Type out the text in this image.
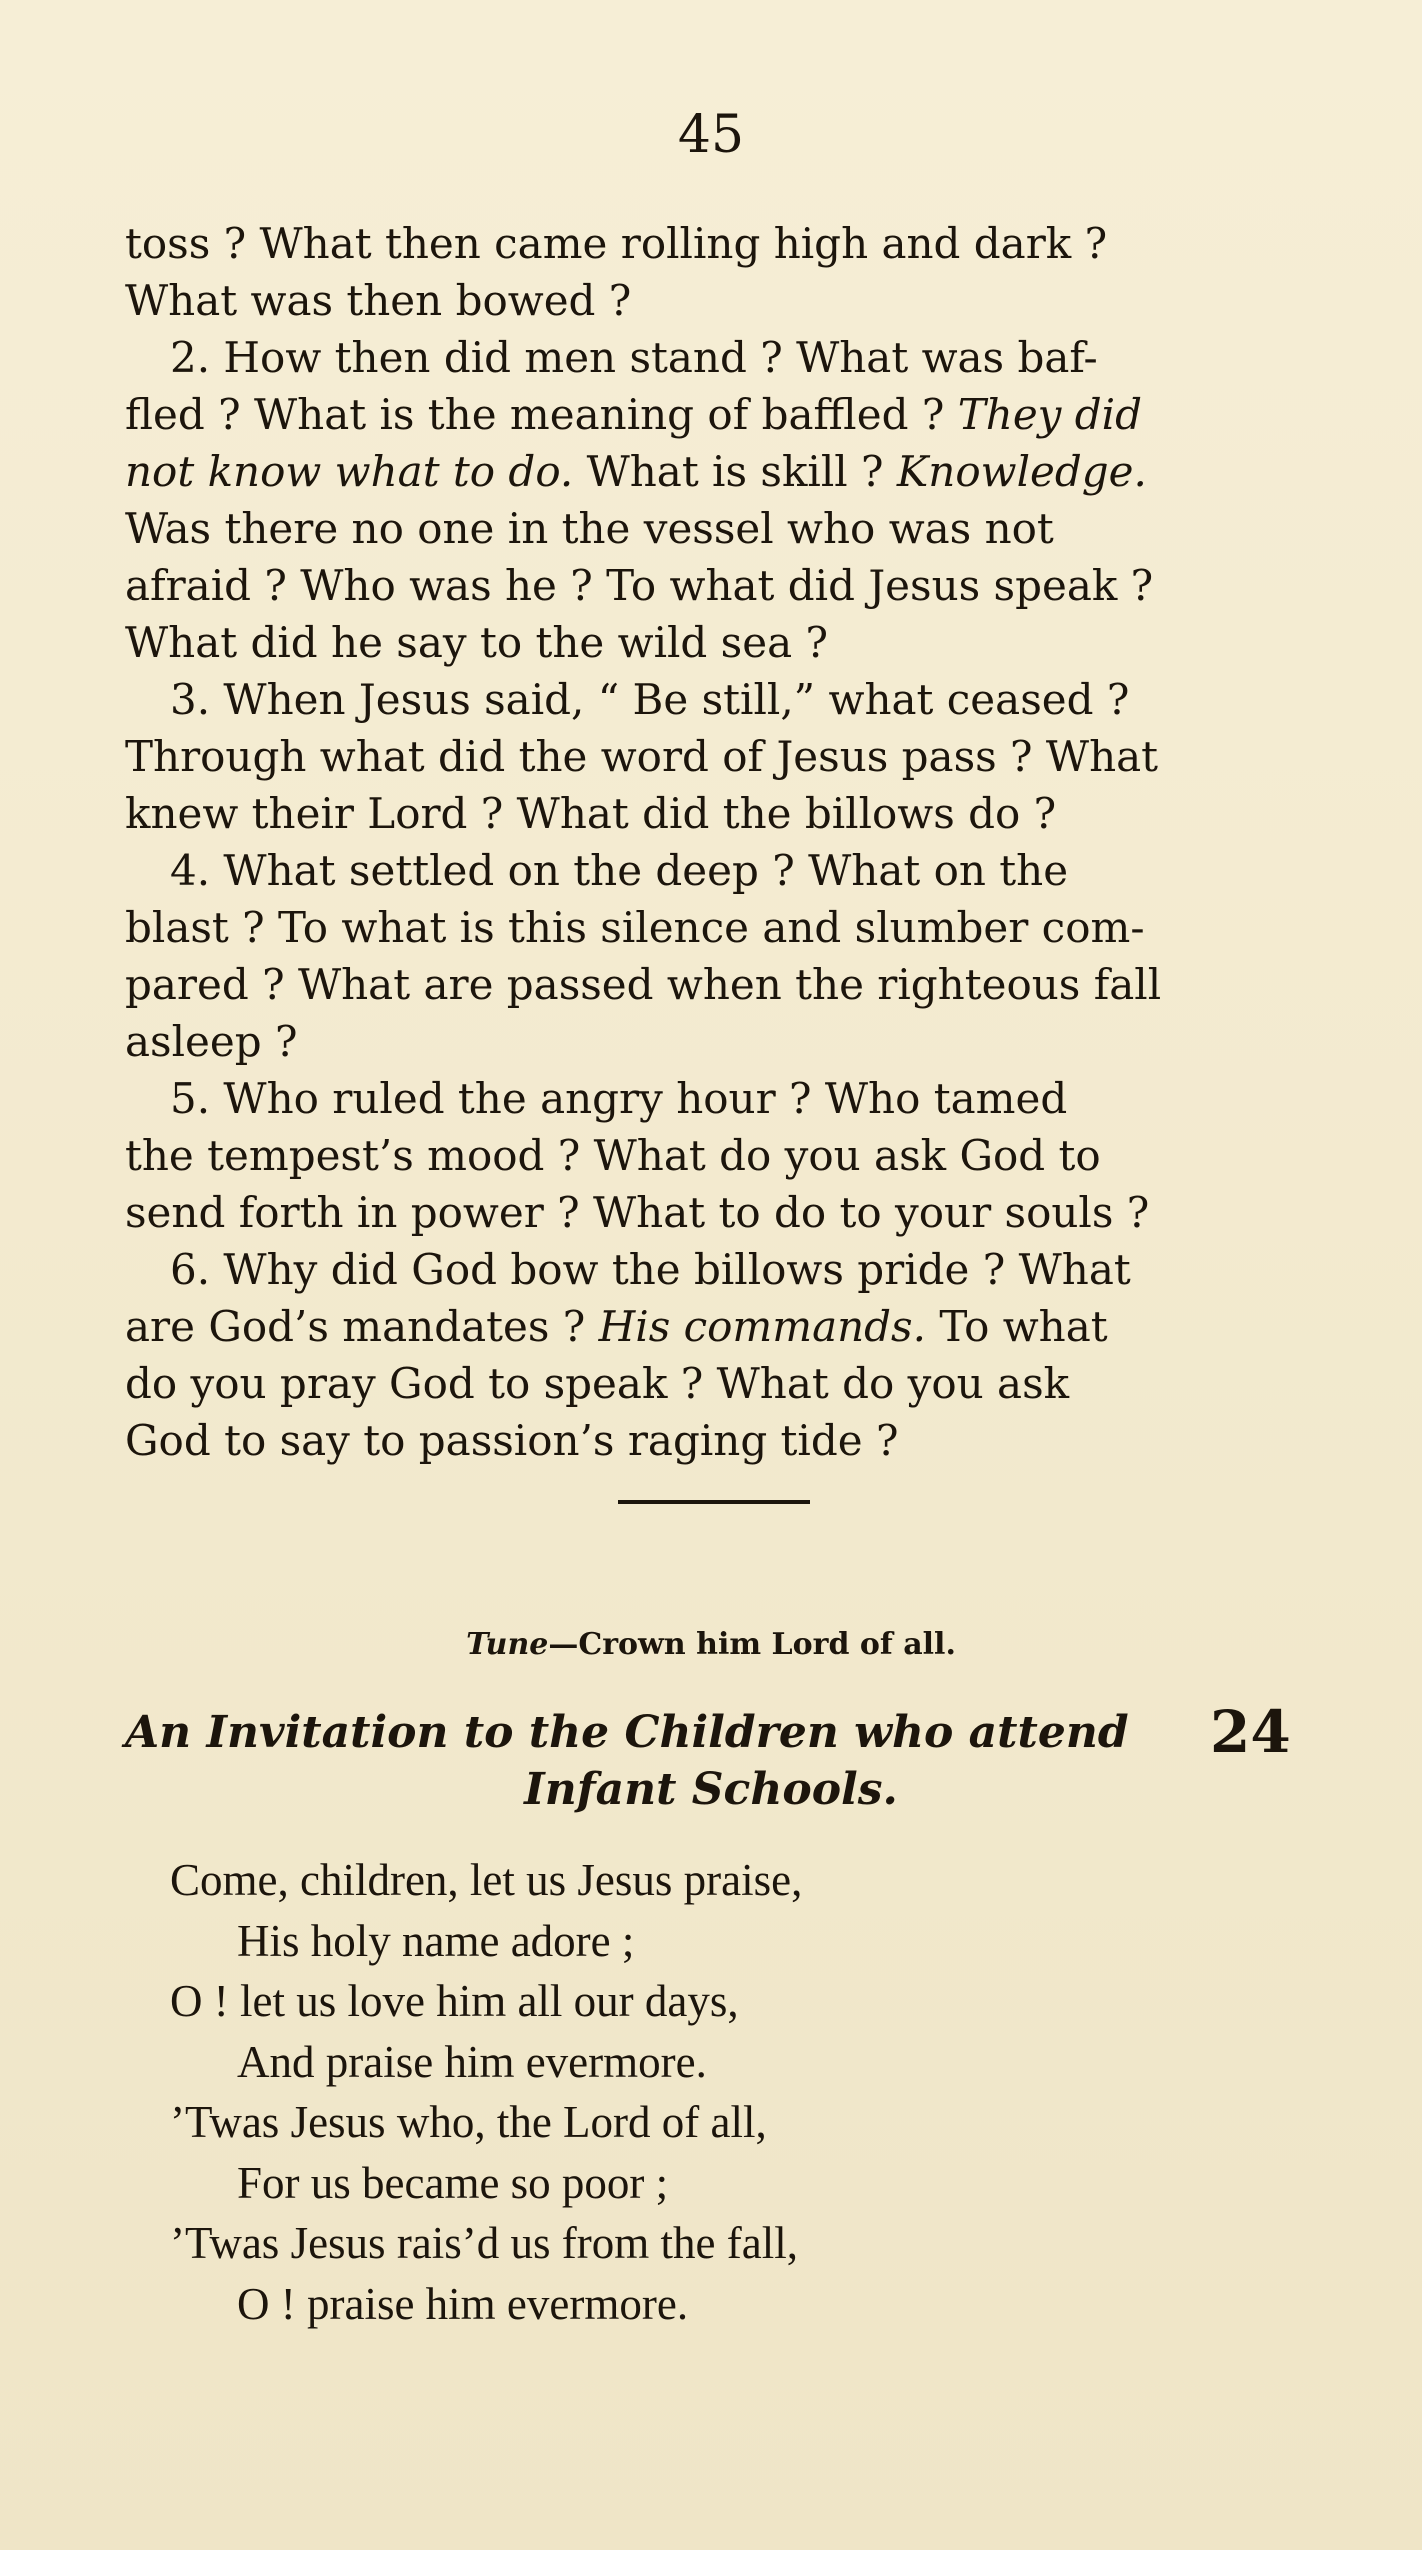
45
toss ? What then came rolling high and dark ?
What was then bowed ?
2. How then did men stand ? What was baf-
fled ? What is the meaning of baffled ? They did
not know what to do. What is skill ? Knowledge.
Was there no one in the vessel who was not
afraid ? Who was he ? To what did Jesus speak ?
What did he say to the wild sea ?
3. When Jesus said, “ Be still,” what ceased ?
Through what did the word of Jesus pass ? What
knew their Lord ? What did the billows do ?
4. What settled on the deep ? What on the
blast ? To what is this silence and slumber com-
pared ? What are passed when the righteous fall
asleep ?
5. Who ruled the angry hour ? Who tamed
the tempest’s mood ? What do you ask God to
send forth in power ? What to do to your souls ?
6. Why did God bow the billows pride ? What
are God’s mandates ? His commands. To what
do you pray God to speak ? What do you ask
God to say to passion’s raging tide ?
Tune—Crown him Lord of all.
An Invitation to the Children who attend 24
Infant Schools.
Come, children, let us Jesus praise,
His holy name adore ;
O ! let us love him all our days,
And praise him evermore.
’Twas Jesus who, the Lord of all,
For us became so poor ;
’Twas Jesus rais’d us from the fall,
O ! praise him evermore.
